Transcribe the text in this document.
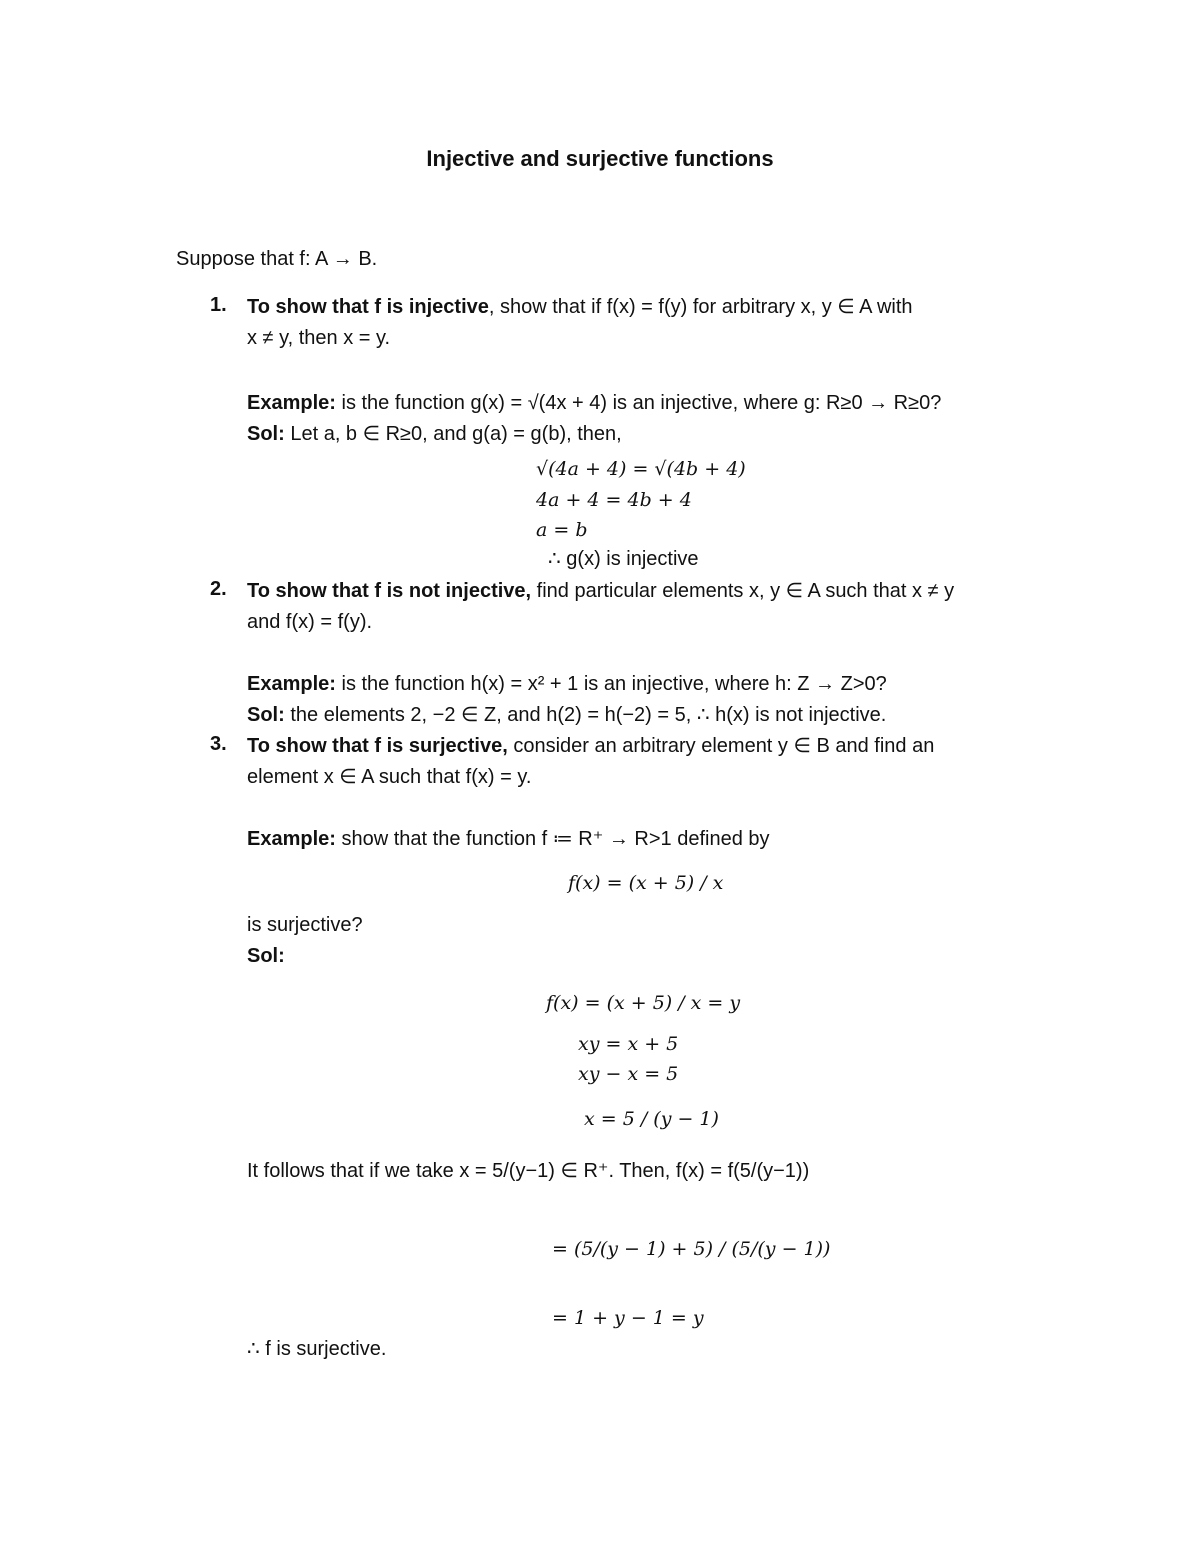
Injective and surjective functions
Suppose that f: A → B.
1. To show that f is injective, show that if f(x) = f(y) for arbitrary x, y ∈ A with
x ≠ y, then x = y.
Example: is the function g(x) = √(4x + 4) is an injective, where g: R≥0 → R≥0?
Sol: Let a, b ∈ R≥0, and g(a) = g(b), then,
√(4a + 4) = √(4b + 4)
4a + 4 = 4b + 4
a = b
∴ g(x) is injective
2. To show that f is not injective, find particular elements x, y ∈ A such that x ≠ y
and f(x) = f(y).
Example: is the function h(x) = x² + 1 is an injective, where h: Z → Z>0?
Sol: the elements 2, −2 ∈ Z, and h(2) = h(−2) = 5, ∴ h(x) is not injective.
3. To show that f is surjective, consider an arbitrary element y ∈ B and find an
element x ∈ A such that f(x) = y.
Example: show that the function f ≔ R⁺ → R>1 defined by
f(x) = (x + 5) / x
is surjective?
Sol:
f(x) = (x + 5) / x = y
xy = x + 5
xy − x = 5
x = 5 / (y − 1)
It follows that if we take x = 5/(y−1) ∈ R⁺. Then, f(x) = f(5/(y−1))
= (5/(y − 1) + 5) / (5/(y − 1))
= 1 + y − 1 = y
∴ f is surjective.
